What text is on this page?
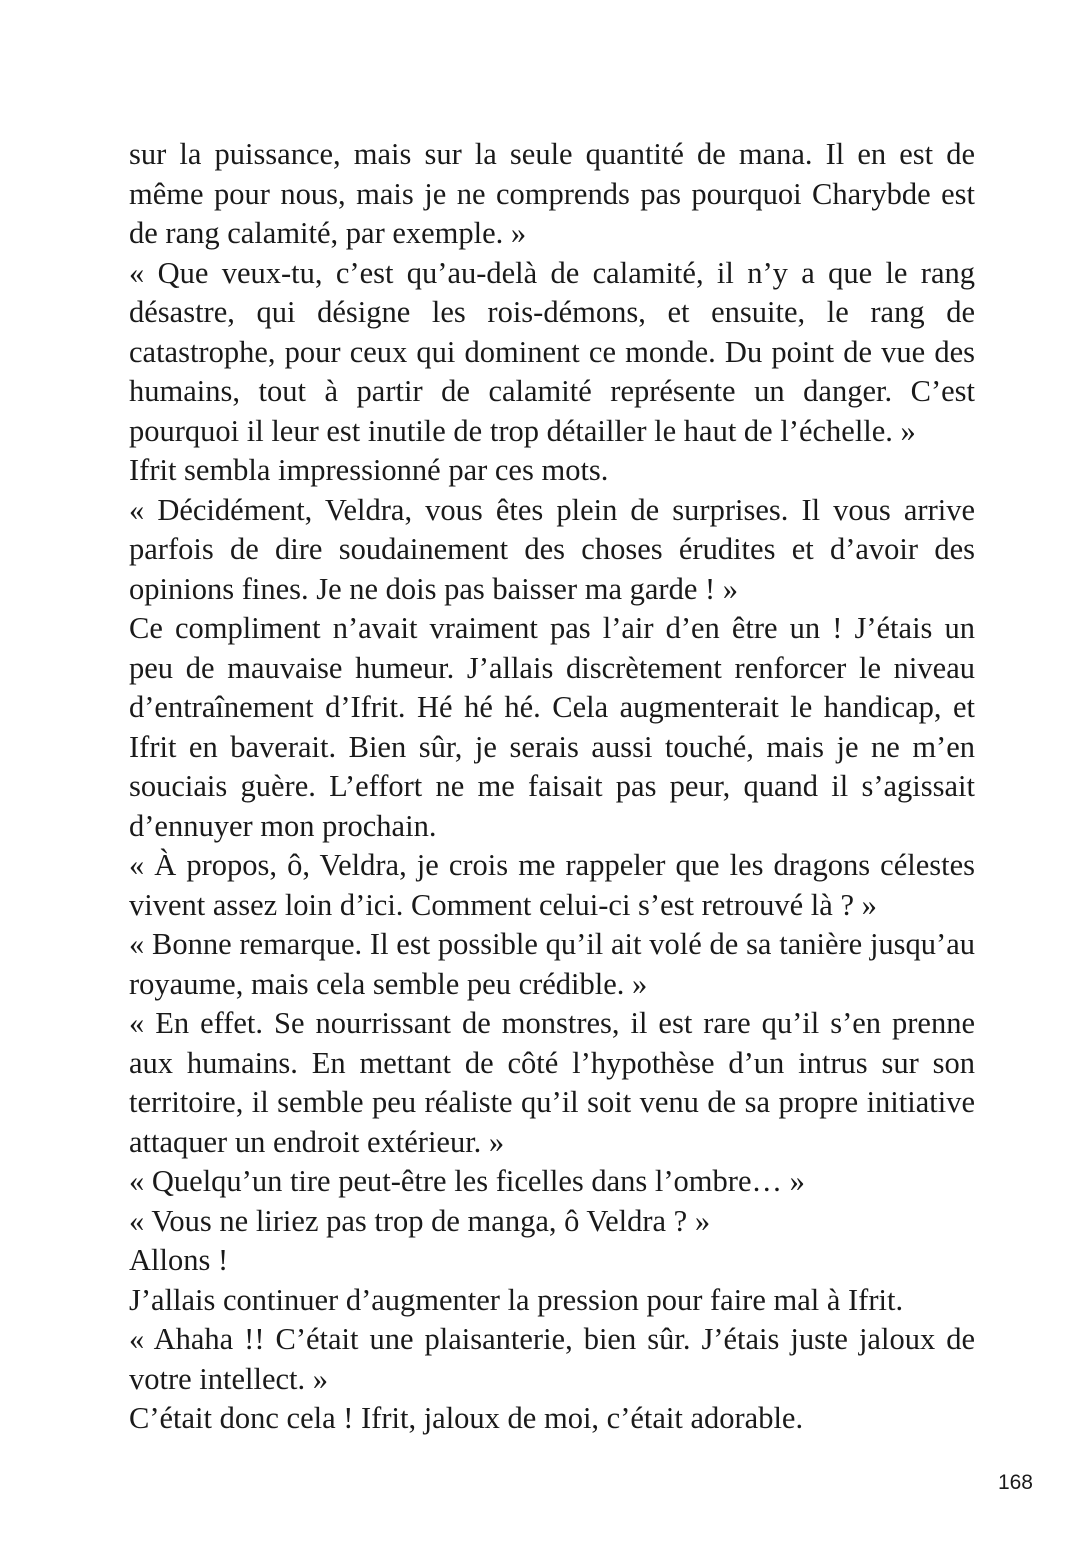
sur la puissance, mais sur la seule quantité de mana. Il en est de même pour nous, mais je ne comprends pas pourquoi Charybde est de rang calamité, par exemple. »

« Que veux-tu, c’est qu’au-delà de calamité, il n’y a que le rang désastre, qui désigne les rois-démons, et ensuite, le rang de catastrophe, pour ceux qui dominent ce monde. Du point de vue des humains, tout à partir de calamité représente un danger. C’est pourquoi il leur est inutile de trop détailler le haut de l’échelle. »

Ifrit sembla impressionné par ces mots.

« Décidément, Veldra, vous êtes plein de surprises. Il vous arrive parfois de dire soudainement des choses érudites et d’avoir des opinions fines. Je ne dois pas baisser ma garde ! »

Ce compliment n’avait vraiment pas l’air d’en être un ! J’étais un peu de mauvaise humeur. J’allais discrètement renforcer le niveau d’entraînement d’Ifrit. Hé hé hé. Cela augmenterait le handicap, et Ifrit en baverait. Bien sûr, je serais aussi touché, mais je ne m’en souciais guère. L’effort ne me faisait pas peur, quand il s’agissait d’ennuyer mon prochain.

« À propos, ô, Veldra, je crois me rappeler que les dragons célestes vivent assez loin d’ici. Comment celui-ci s’est retrouvé là ? »

« Bonne remarque. Il est possible qu’il ait volé de sa tanière jusqu’au royaume, mais cela semble peu crédible. »

« En effet. Se nourrissant de monstres, il est rare qu’il s’en prenne aux humains. En mettant de côté l’hypothèse d’un intrus sur son territoire, il semble peu réaliste qu’il soit venu de sa propre initiative attaquer un endroit extérieur. »

« Quelqu’un tire peut-être les ficelles dans l’ombre… »

« Vous ne liriez pas trop de manga, ô Veldra ? »

Allons !

J’allais continuer d’augmenter la pression pour faire mal à Ifrit.

« Ahaha !! C’était une plaisanterie, bien sûr. J’étais juste jaloux de votre intellect. »

C’était donc cela ! Ifrit, jaloux de moi, c’était adorable.

168
